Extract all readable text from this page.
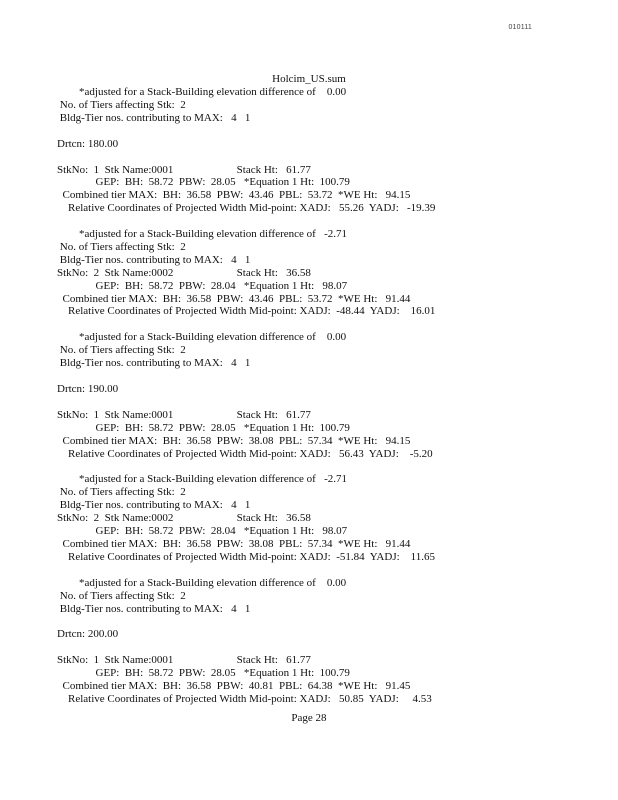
010111
Holcim_US.sum
*adjusted for a Stack-Building elevation difference of    0.00
No. of Tiers affecting Stk:  2
Bldg-Tier nos. contributing to MAX:   4   1
Drtcn: 180.00
StkNo:  1  Stk Name:0001                       Stack Ht:   61.77
GEP:  BH:  58.72  PBW:  28.05   *Equation 1 Ht:  100.79
Combined tier MAX:  BH:  36.58  PBW:  43.46  PBL:  53.72  *WE Ht:   94.15
Relative Coordinates of Projected Width Mid-point: XADJ:   55.26  YADJ:   -19.39
*adjusted for a Stack-Building elevation difference of   -2.71
No. of Tiers affecting Stk:  2
Bldg-Tier nos. contributing to MAX:   4   1
StkNo:  2  Stk Name:0002                       Stack Ht:   36.58
GEP:  BH:  58.72  PBW:  28.04   *Equation 1 Ht:   98.07
Combined tier MAX:  BH:  36.58  PBW:  43.46  PBL:  53.72  *WE Ht:   91.44
Relative Coordinates of Projected Width Mid-point: XADJ:  -48.44  YADJ:    16.01
*adjusted for a Stack-Building elevation difference of    0.00
No. of Tiers affecting Stk:  2
Bldg-Tier nos. contributing to MAX:   4   1
Drtcn: 190.00
StkNo:  1  Stk Name:0001                       Stack Ht:   61.77
GEP:  BH:  58.72  PBW:  28.05   *Equation 1 Ht:  100.79
Combined tier MAX:  BH:  36.58  PBW:  38.08  PBL:  57.34  *WE Ht:   94.15
Relative Coordinates of Projected Width Mid-point: XADJ:   56.43  YADJ:    -5.20
*adjusted for a Stack-Building elevation difference of   -2.71
No. of Tiers affecting Stk:  2
Bldg-Tier nos. contributing to MAX:   4   1
StkNo:  2  Stk Name:0002                       Stack Ht:   36.58
GEP:  BH:  58.72  PBW:  28.04   *Equation 1 Ht:   98.07
Combined tier MAX:  BH:  36.58  PBW:  38.08  PBL:  57.34  *WE Ht:   91.44
Relative Coordinates of Projected Width Mid-point: XADJ:  -51.84  YADJ:    11.65
*adjusted for a Stack-Building elevation difference of    0.00
No. of Tiers affecting Stk:  2
Bldg-Tier nos. contributing to MAX:   4   1
Drtcn: 200.00
StkNo:  1  Stk Name:0001                       Stack Ht:   61.77
GEP:  BH:  58.72  PBW:  28.05   *Equation 1 Ht:  100.79
Combined tier MAX:  BH:  36.58  PBW:  40.81  PBL:  64.38  *WE Ht:   91.45
Relative Coordinates of Projected Width Mid-point: XADJ:   50.85  YADJ:     4.53
Page 28
